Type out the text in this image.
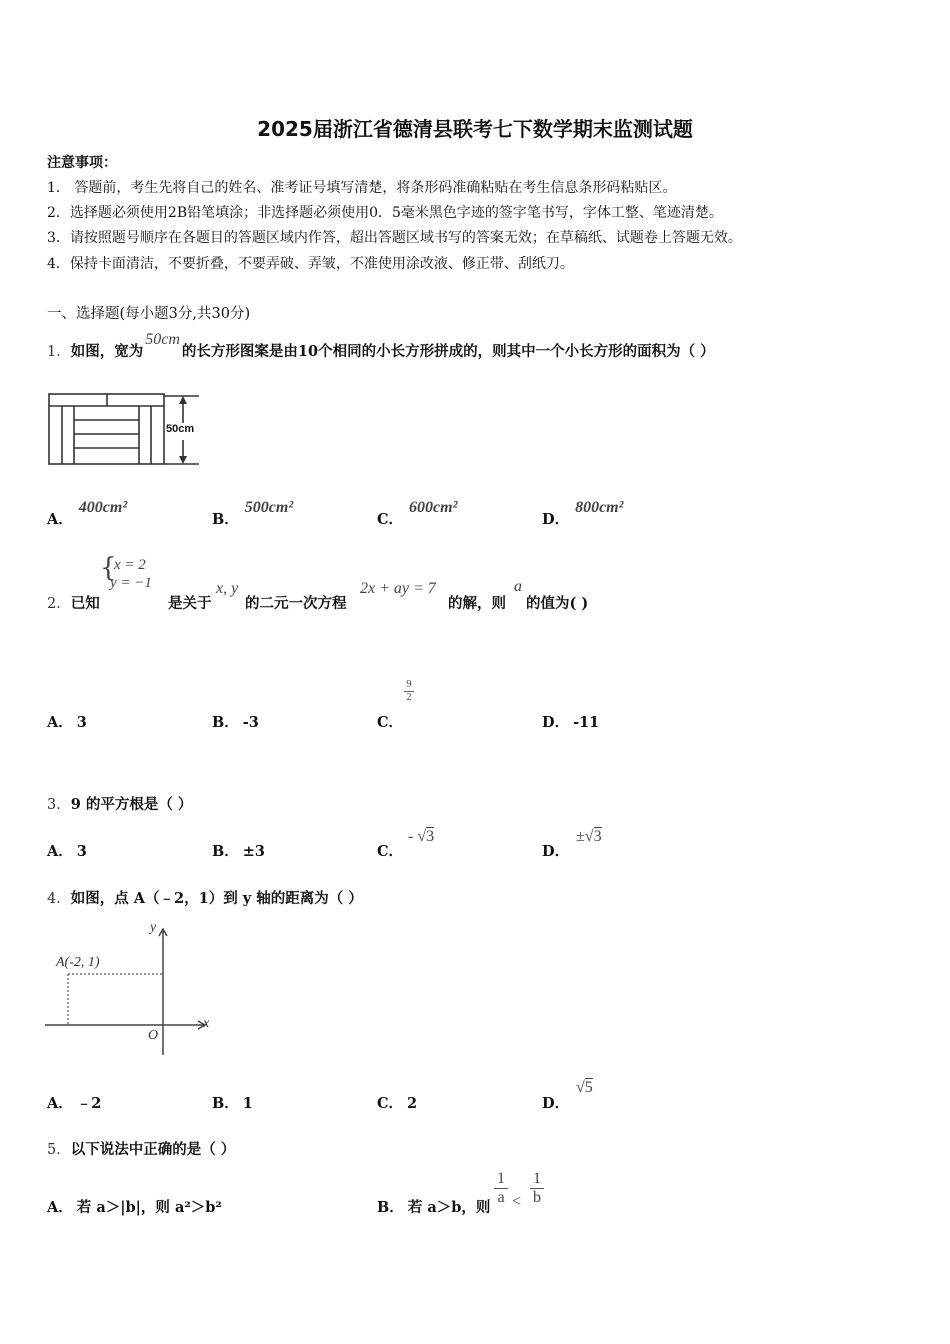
2025届浙江省德清县联考七下数学期末监测试题
注意事项：
1． 答题前，考生先将自己的姓名、准考证号填写清楚，将条形码准确粘贴在考生信息条形码粘贴区。
2．选择题必须使用2B铅笔填涂；非选择题必须使用0．5毫米黑色字迹的签字笔书写，字体工整、笔迹清楚。
3．请按照题号顺序在各题目的答题区域内作答，超出答题区域书写的答案无效；在草稿纸、试题卷上答题无效。
4．保持卡面清洁，不要折叠，不要弄破、弄皱，不准使用涂改液、修正带、刮纸刀。
一、选择题(每小题3分,共30分)
1．如图，宽为50cm的长方形图案是由10个相同的小长方形拼成的，则其中一个小长方形的面积为（ ）
50cm
A．400cm²
B．500cm²
C．600cm²
D．800cm²
{
x = 2
y = −1
2．已知	是关于
x, y
的二元一次方程
2x + ay = 7
的解，则
a
的值为( )
A． 3	B． -3	C．
9
2
D． -11
3．9 的平方根是（ ）
A． 3	B． ±3	C．
- √3
D．
±√3
4．如图，点 A（﹣2，1）到 y 轴的距离为（ ）
A(-2, 1)
y
x
O
A． ﹣2	B． 1	C． 2	D．
√5
5．以下说法中正确的是（ ）
A． 若 a＞|b|，则 a²＞b²	B． 若 a＞b，则
1
a <
1
b
